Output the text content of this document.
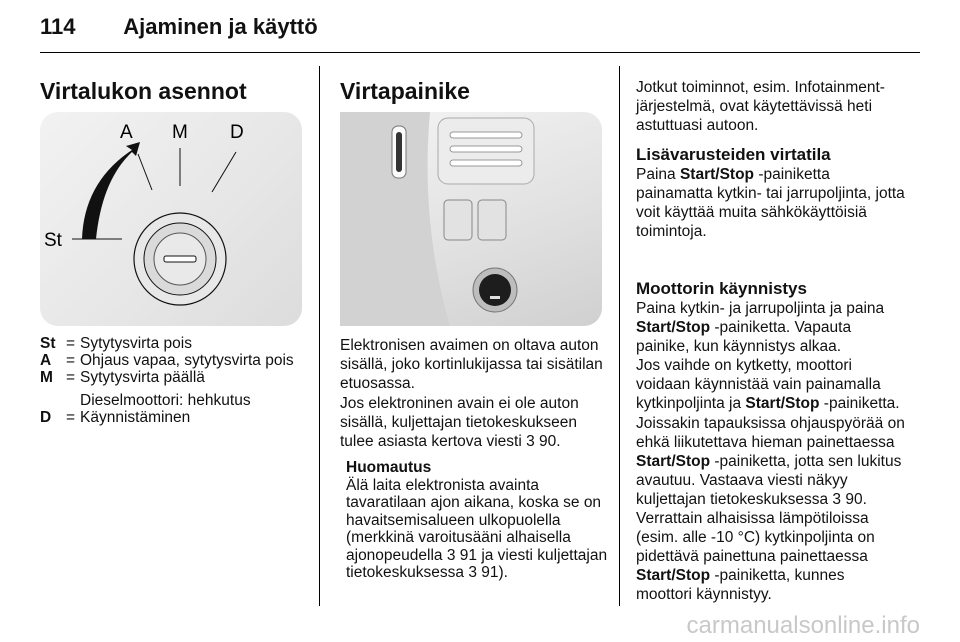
114 Ajaminen ja käyttö
Virtalukon asennot
A M D
St
St = Sytytysvirta pois
A = Ohjaus vapaa, sytytysvirta pois
M = Sytytysvirta päällä
Dieselmoottori: hehkutus
D = Käynnistäminen
Virtapainike
Elektronisen avaimen on oltava auton sisällä, joko kortinlukijassa tai sisätilan etuosassa.
Jos elektroninen avain ei ole auton sisällä, kuljettajan tietokeskukseen tulee asiasta kertova viesti 3 90.
Huomautus
Älä laita elektronista avainta tavaratilaan ajon aikana, koska se on havaitsemisalueen ulkopuolella (merkkinä varoitusääni alhaisella ajonopeudella 3 91 ja viesti kuljettajan tietokeskuksessa 3 91).
Jotkut toiminnot, esim. Infotainment-järjestelmä, ovat käytettävissä heti astuttuasi autoon.
Lisävarusteiden virtatila
Paina Start/Stop -painiketta painamatta kytkin- tai jarrupoljinta, jotta voit käyttää muita sähkökäyttöisiä toimintoja.
Moottorin käynnistys
Paina kytkin- ja jarrupoljinta ja paina Start/Stop -painiketta. Vapauta painike, kun käynnistys alkaa.
Jos vaihde on kytketty, moottori voidaan käynnistää vain painamalla kytkinpoljinta ja Start/Stop -painiketta.
Joissakin tapauksissa ohjauspyörää on ehkä liikutettava hieman painettaessa Start/Stop -painiketta, jotta sen lukitus avautuu. Vastaava viesti näkyy kuljettajan tietokeskuksessa 3 90.
Verrattain alhaisissa lämpötiloissa (esim. alle -10 °C) kytkinpoljinta on pidettävä painettuna painettaessa Start/Stop -painiketta, kunnes moottori käynnistyy.
carmanualsonline.info
